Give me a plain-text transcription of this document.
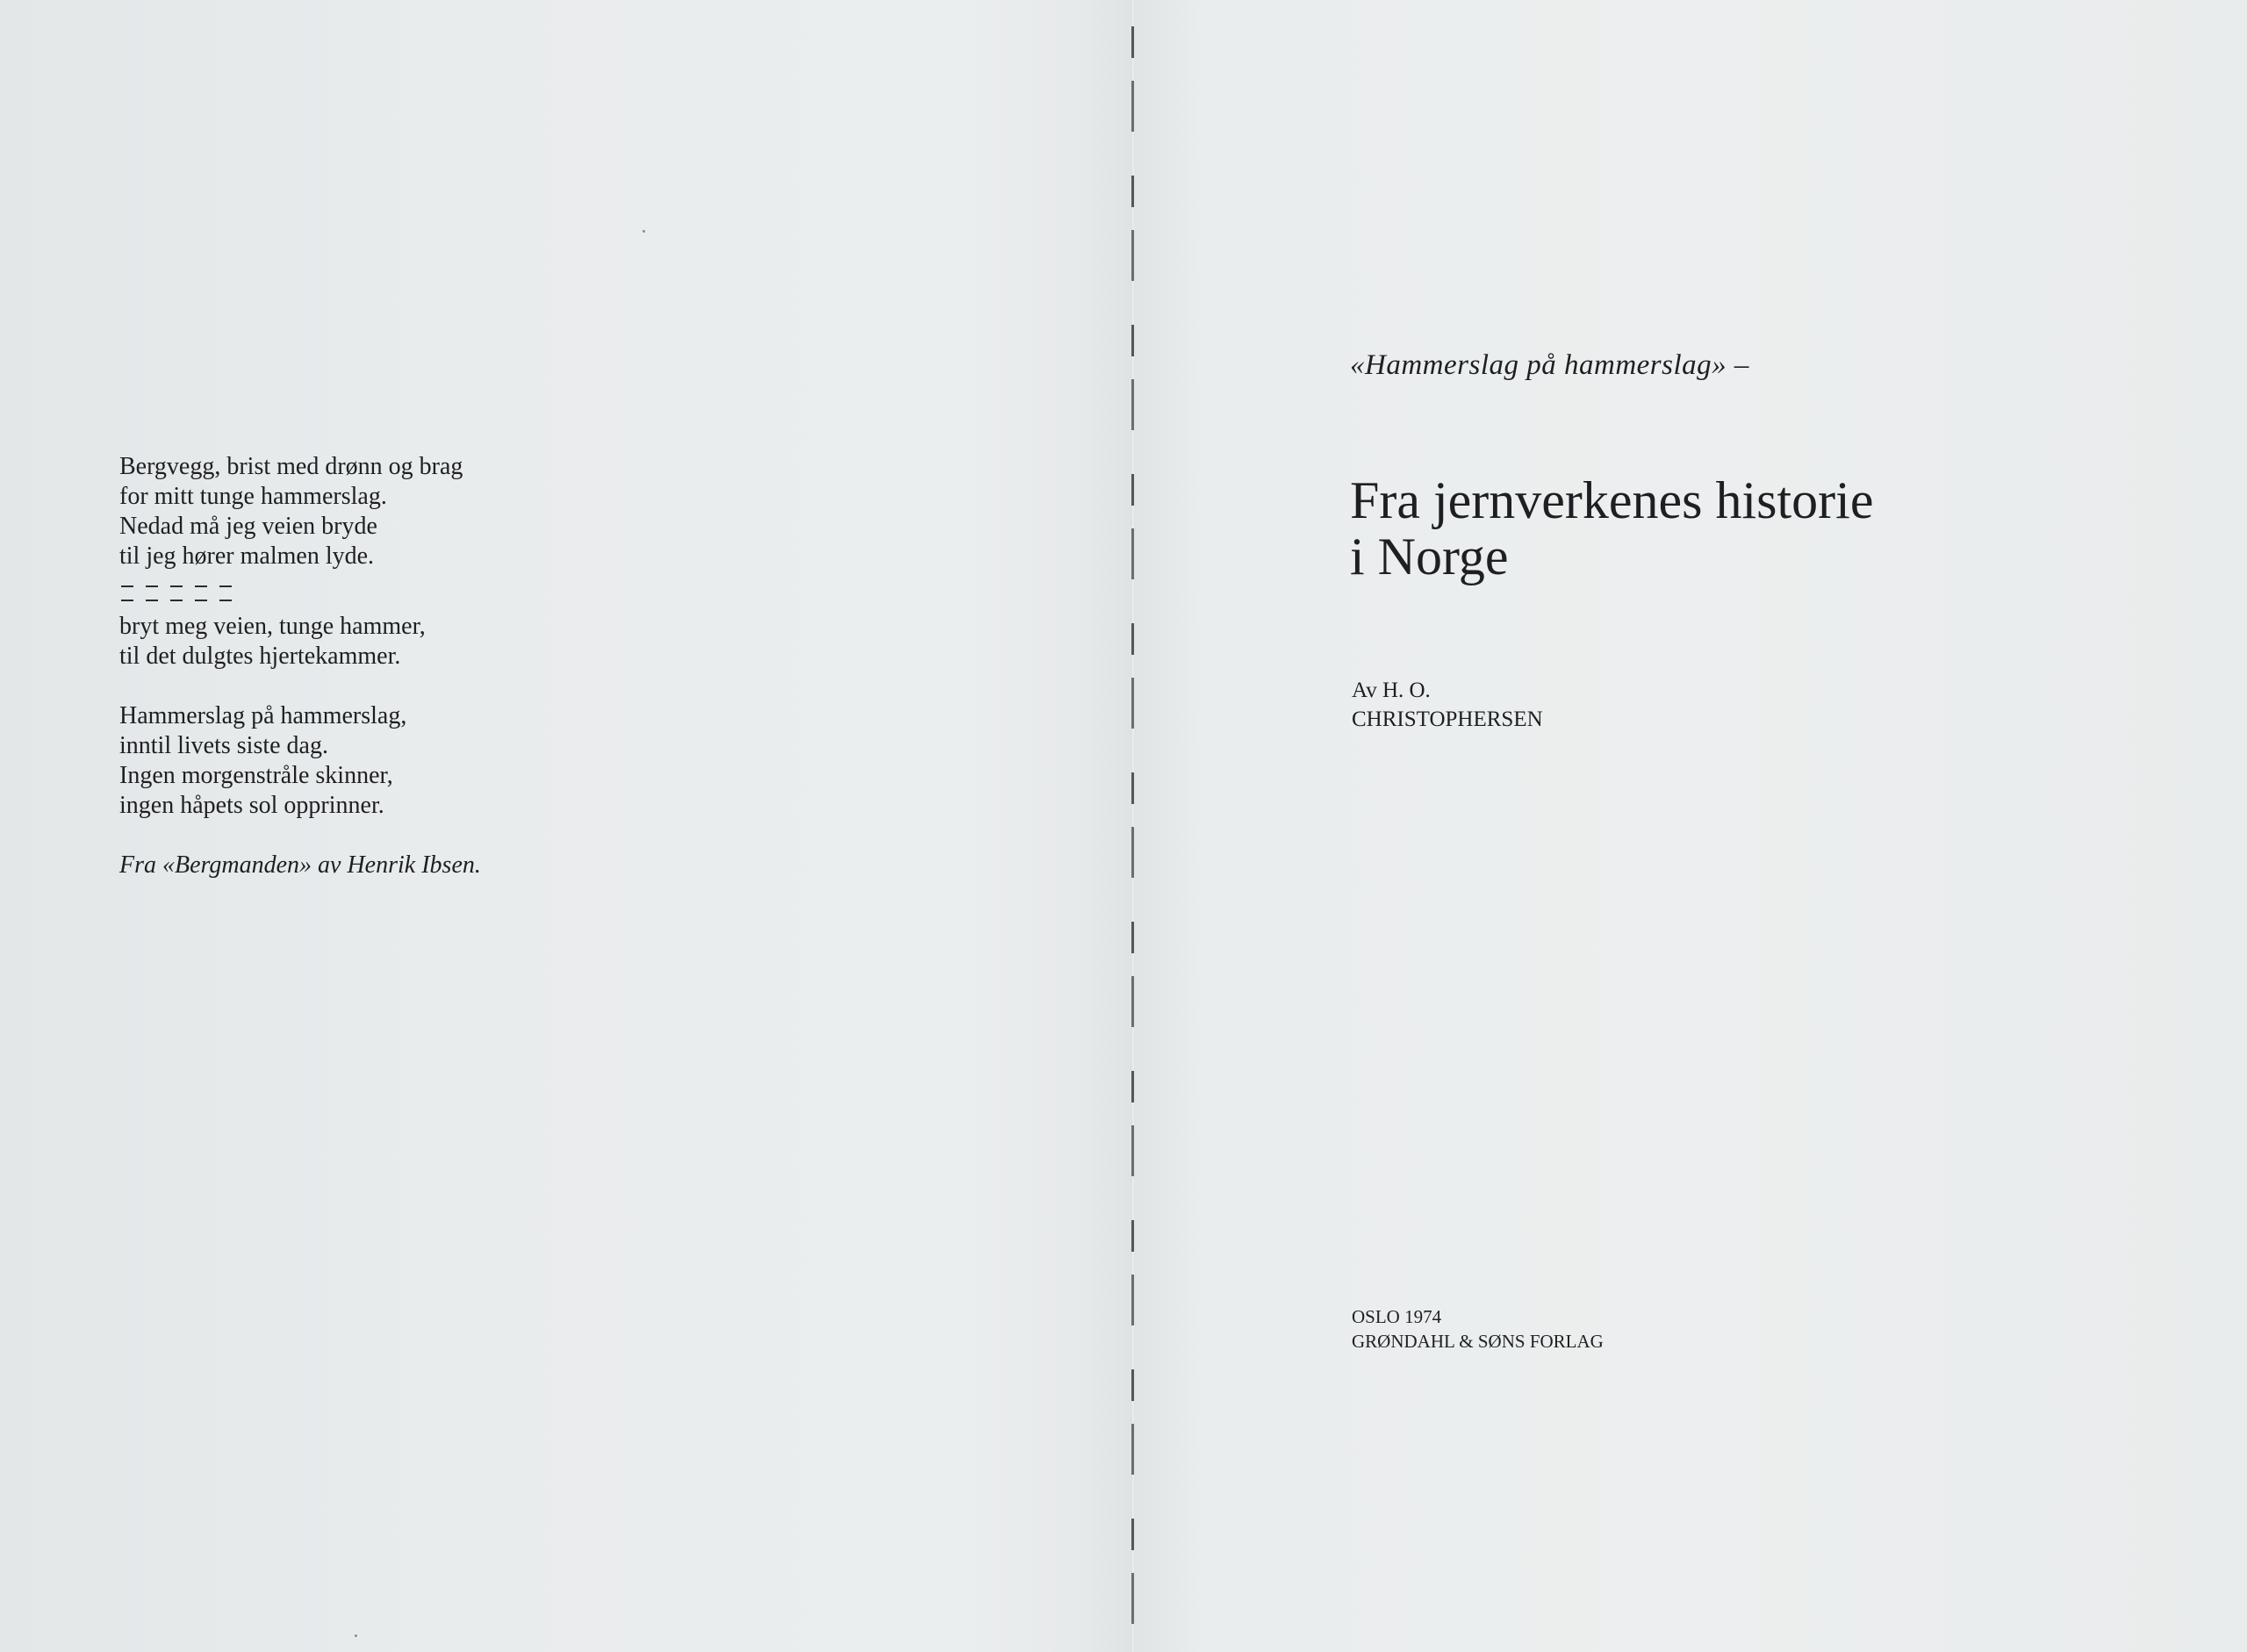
Bergvegg, brist med drønn og brag

for mitt tunge hammerslag.

Nedad må jeg veien bryde

til jeg hører malmen lyde.

bryt meg veien, tunge hammer,

til det dulgtes hjertekammer.

Hammerslag på hammerslag,

inntil livets siste dag.

Ingen morgenstråle skinner,

ingen håpets sol opprinner.

Fra «Bergmanden» av Henrik Ibsen.
«Hammerslag på hammerslag» –
Fra jernverkenes historie
i Norge
Av H. O.
CHRISTOPHERSEN
OSLO 1974
GRØNDAHL & SØNS FORLAG
